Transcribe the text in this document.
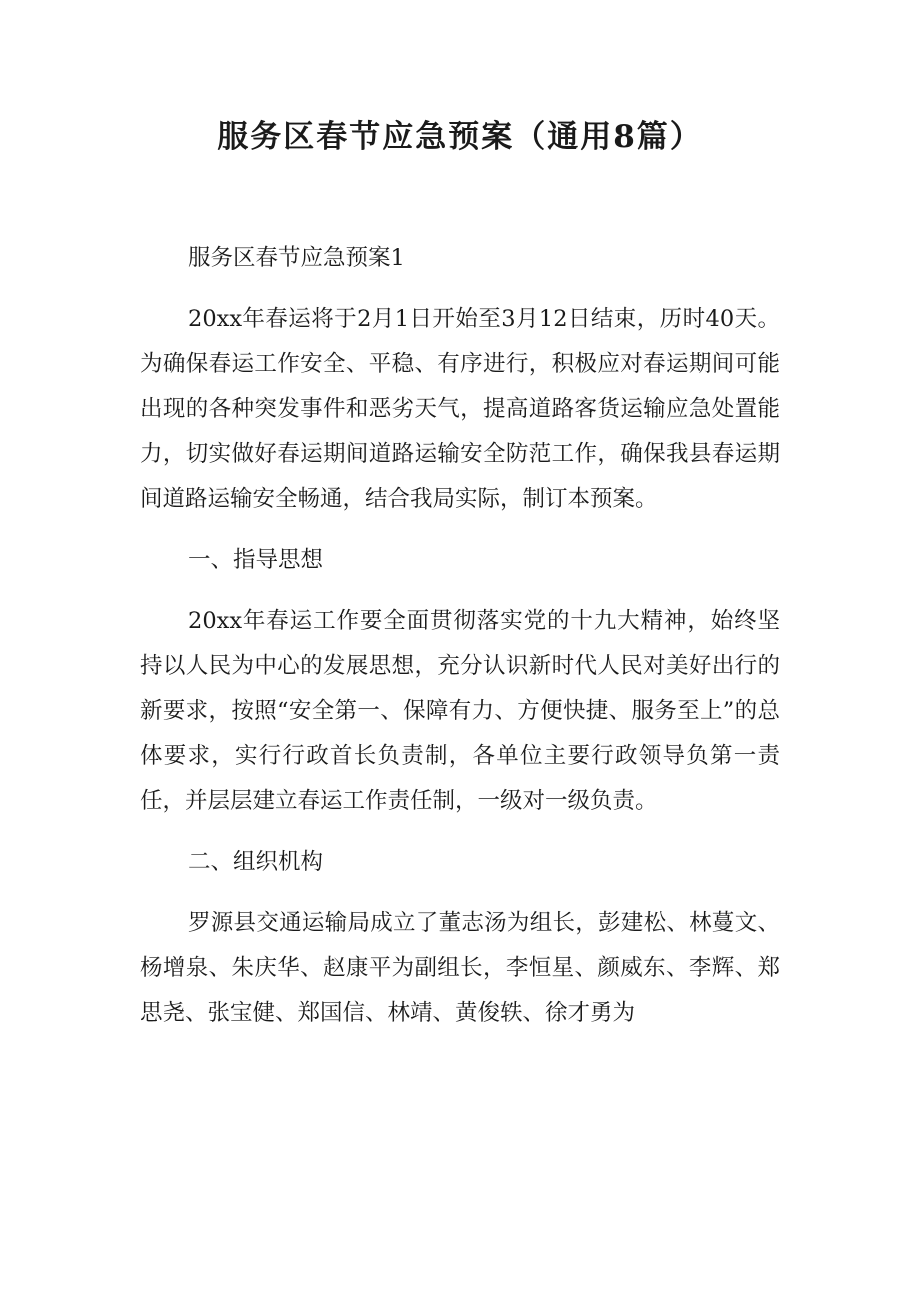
服务区春节应急预案（通用8篇）

服务区春节应急预案1

20xx年春运将于2月1日开始至3月12日结束，历时40天。为确保春运工作安全、平稳、有序进行，积极应对春运期间可能出现的各种突发事件和恶劣天气，提高道路客货运输应急处置能力，切实做好春运期间道路运输安全防范工作，确保我县春运期间道路运输安全畅通，结合我局实际，制订本预案。

一、指导思想

20xx年春运工作要全面贯彻落实党的十九大精神，始终坚持以人民为中心的发展思想，充分认识新时代人民对美好出行的新要求，按照“安全第一、保障有力、方便快捷、服务至上”的总体要求，实行行政首长负责制，各单位主要行政领导负第一责任，并层层建立春运工作责任制，一级对一级负责。

二、组织机构

罗源县交通运输局成立了董志汤为组长，彭建松、林蔓文、杨增泉、朱庆华、赵康平为副组长，李恒星、颜威东、李辉、郑思尧、张宝健、郑国信、林靖、黄俊轶、徐才勇为
